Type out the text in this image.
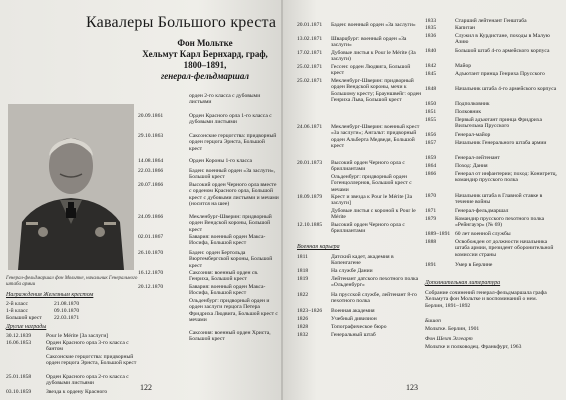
Кавалеры Большого креста
Фон Мольтке
Хельмут Карл Бернхард, граф,
1800–1891,
генерал-фельдмаршал
Генерал-фельдмаршал фон Мольтке, начальник Генерального штаба армии
орден 2-го класса с дубовыми листьями
20.09.1861	Орден Красного орла 1-го класса с дубовыми листьями
29.10.1863	Саксонские герцогства: придворный орден герцога Эрнста, Большой крест
14.08.1864	Орден Короны 1-го класса
22.03.1866	Баден: военный орден «За заслуги», Большой крест
20.07.1866	Высокий орден Черного орла вместе с орденом Красного орла, Большой крест с дубовыми листьями и мечами (носится на шее)
24.09.1866	Мекленбург-Шверин: придворный орден Вендской короны, Большой крест
02.01.1867	Бавария: военный орден Макса-Иосифа, Большой крест
26.10.1870	Баден: орден Бертольда Вюртембергской короны, Большой крест
16.12.1870	Саксония: военный орден св. Генриха, Большой крест
20.12.1870	Бавария: военный орден Макса-Иосифа, Большой крест
Ольденбург: придворный орден и орден заслуги герцога Петера Фридриха Людвига, Большой крест с мечами
Саксония: военный орден Христа, Большой крест
Награждения Железным крестом
2-й класс	21.08.1870
1-й класс	09.10.1870
Большой крест 22.03.1871
Другие награды
30.12.1839	Pour le Mérite [За заслуги]
16.06.1853	Орден Красного орла 3-го класса с бантом
Саксонские герцогства: придворный орден герцога Эрнста, Большой крест
25.01.1858	Орден Красного орла 2-го класса с дубовыми листьями
03.10.1859	Звезда к ордену Красного	122
20.01.1871 Баден: военный орден «За заслуги»
13.02.1871 Шварцбург: военный орден «За заслуги»
17.02.1871 Дубовые листья к Pour le Mérite (За заслуги)
25.02.1871 Гессен: орден Людвига, Большой крест
25.02.1871 Мекленбург-Шверин: придворный орден Вендской короны, мечи к Большому кресту; Брауншвейг: орден Генриха Льва, Большой крест
24.06.1871 Мекленбург-Шверин: военный крест «За заслуги»; Ангальт: придворный орден Альберта Медведя, Большой крест
20.01.1873 Высокий орден Черного орла с бриллиантами
Ольденбург: придворный орден Гогенцоллернов, Большой крест с мечами
18.09.1879 Крест и звезда к Pour le Mérite [За заслуги]
Дубовые листья с короной к Pour le Mérite
12.10.1885 Высокий орден Черного орла с бриллиантами
Военная карьера
1811	Датский кадет, академия в Копенгагене
1818	На службе Дании
1819	Лейтенант датского пехотного полка «Ольденбург»
1822	На прусской службе, лейтенант 8-го пехотного полка
1823–1826 Военная академия
1826	Учебный дивизион
1828	Топографическое бюро
1832	Генеральный штаб
1833	Старший лейтенант Генштаба
1835	Капитан
1836	Служил в Курдистане, походы в Малую Азию
1840	Большой штаб 4-го армейского корпуса
1842	Майор
1845	Адъютант принца Генриха Прусского
1848	Начальник штаба 4-го армейского корпуса
1850	Подполковник
1851	Полковник
1855	Первый адъютант принца Фридриха Вильгельма Прусского
1856	Генерал-майор
1857	Начальник Генерального штаба армии
1859	Генерал-лейтенант
1864	Поход: Дания
1866	Генерал от инфантерии; поход: Конигретц, командир прусского полка
1870	Начальник штаба в Главной ставке в течение войны
1871	Генерал-фельдмаршал
1879	Командир прусского пехотного полка «Рейнгауэр» (№ 69)
1889–1891 60 лет военной службы
1888	Освобожден от должности начальника штаба армии, президент оборонительной комиссии страны
1891	Умер в Берлине
Дополнительная литература
Собрание сочинений генерал-фельдмаршала графа Хельмута фон Мольтке и воспоминаний о нем. Берлин, 1891–1892
Бишоп
Мольтке. Берлин, 1901
Фон Шехт Эггеарт
Мольтке и полководец. Франкфурт, 1963
123
